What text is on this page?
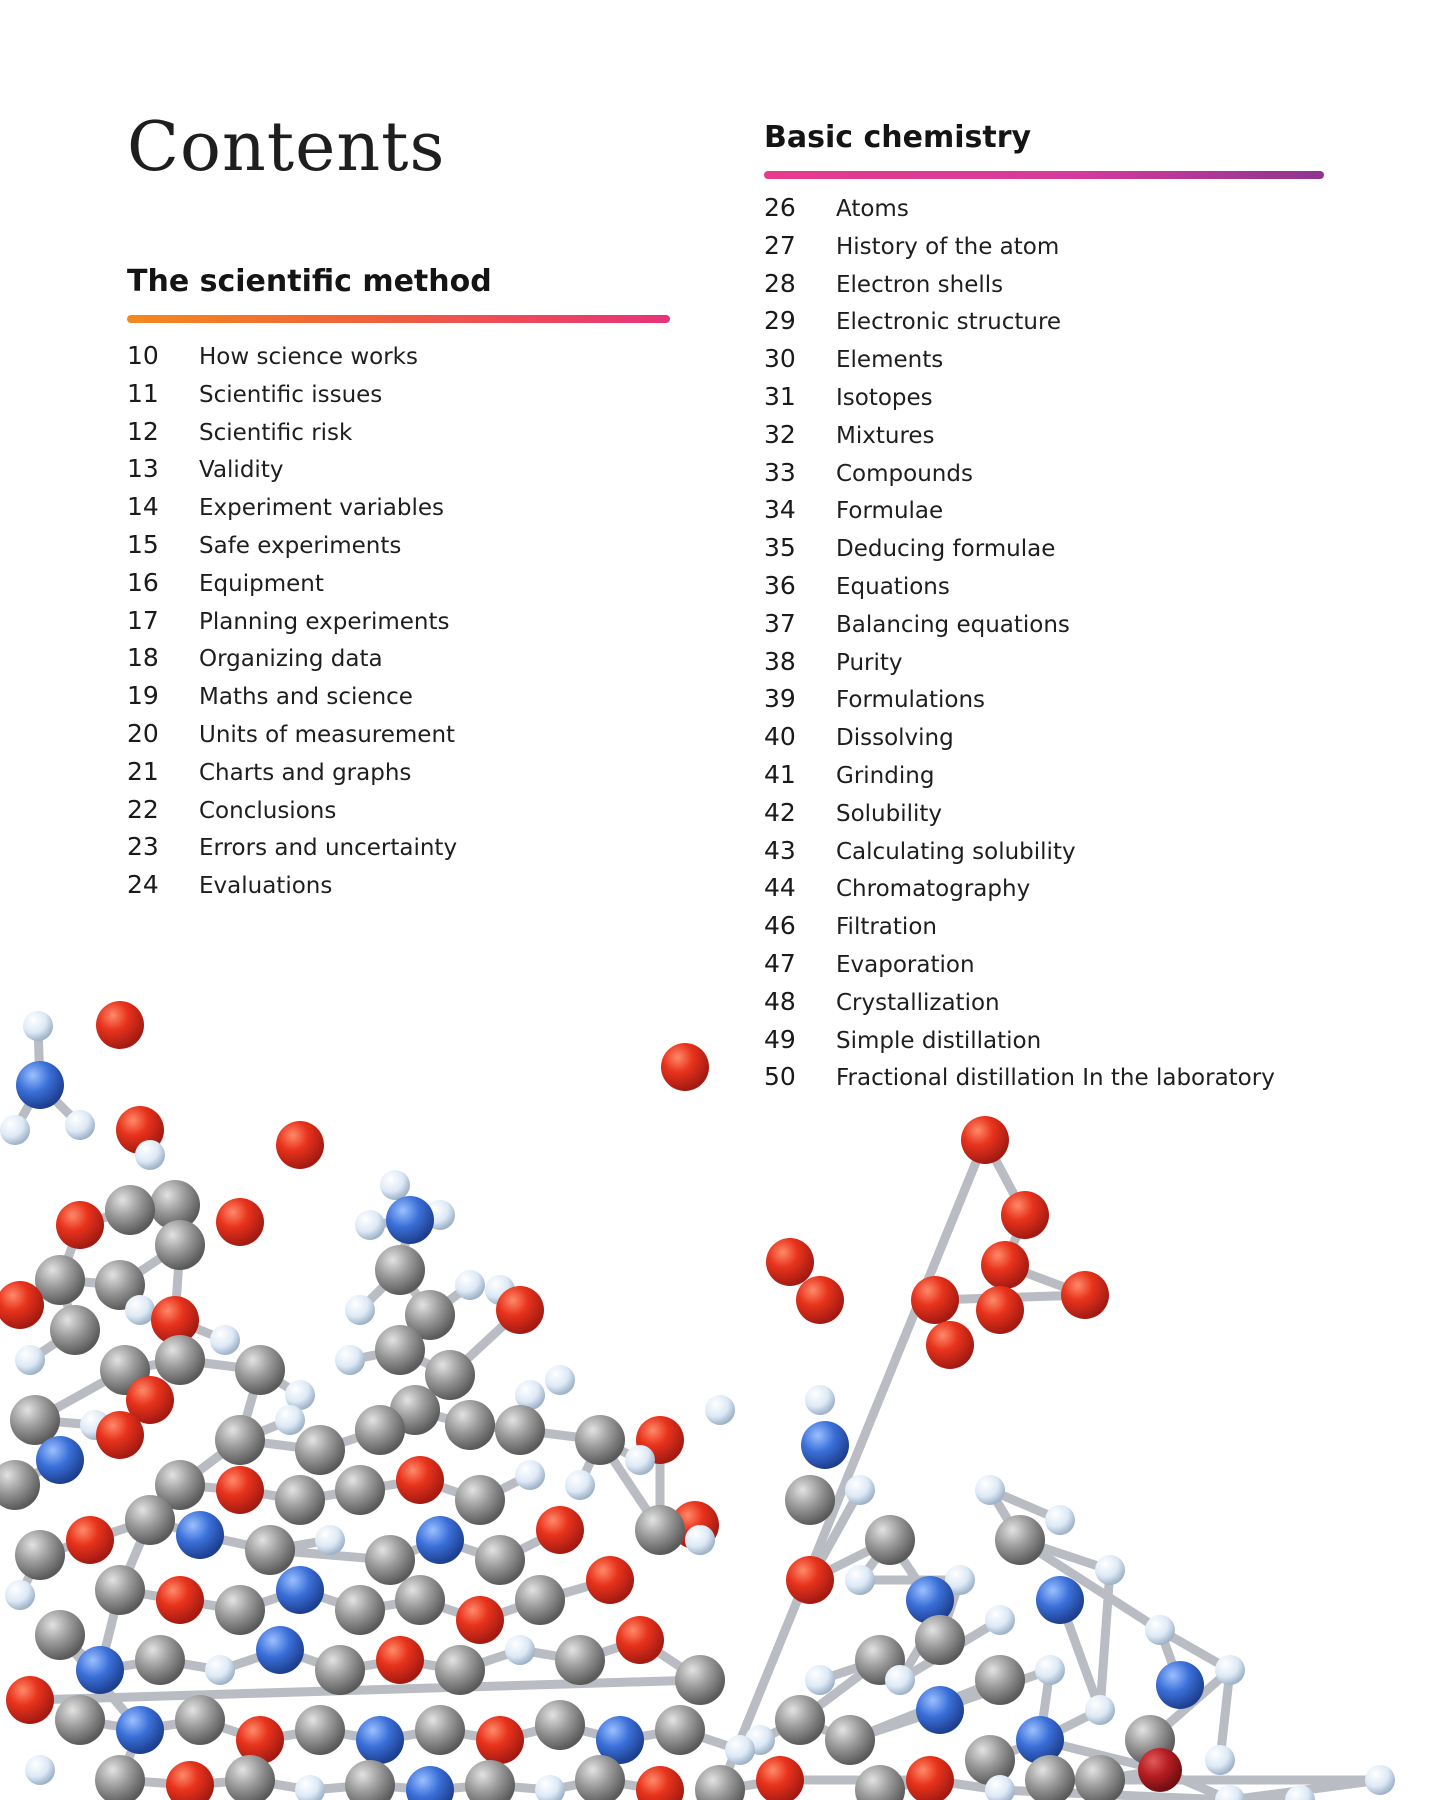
Contents
The scientific method
10	How science works
11	Scientific issues
12	Scientific risk
13	Validity
14	Experiment variables
15	Safe experiments
16	Equipment
17	Planning experiments
18	Organizing data
19	Maths and science
20	Units of measurement
21	Charts and graphs
22	Conclusions
23	Errors and uncertainty
24	Evaluations
Basic chemistry
26	Atoms
27	History of the atom
28	Electron shells
29	Electronic structure
30	Elements
31	Isotopes
32	Mixtures
33	Compounds
34	Formulae
35	Deducing formulae
36	Equations
37	Balancing equations
38	Purity
39	Formulations
40	Dissolving
41	Grinding
42	Solubility
43	Calculating solubility
44	Chromatography
46	Filtration
47	Evaporation
48	Crystallization
49	Simple distillation
50	Fractional distillation In the laboratory
